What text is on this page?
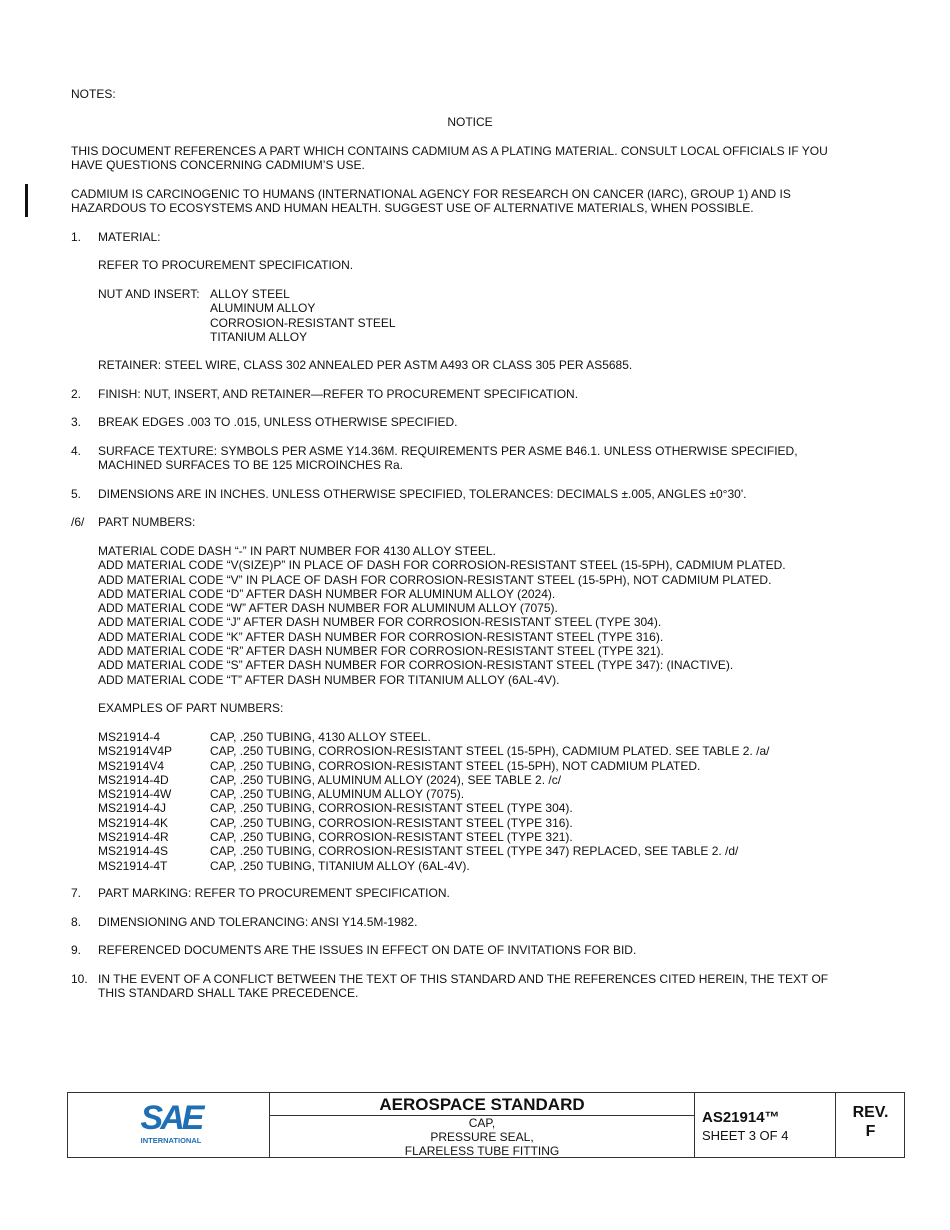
NOTES:
NOTICE
THIS DOCUMENT REFERENCES A PART WHICH CONTAINS CADMIUM AS A PLATING MATERIAL. CONSULT LOCAL OFFICIALS IF YOU
HAVE QUESTIONS CONCERNING CADMIUM’S USE.
CADMIUM IS CARCINOGENIC TO HUMANS (INTERNATIONAL AGENCY FOR RESEARCH ON CANCER (IARC), GROUP 1) AND IS
HAZARDOUS TO ECOSYSTEMS AND HUMAN HEALTH. SUGGEST USE OF ALTERNATIVE MATERIALS, WHEN POSSIBLE.
1. MATERIAL:
REFER TO PROCUREMENT SPECIFICATION.
NUT AND INSERT: ALLOY STEEL
ALUMINUM ALLOY
CORROSION-RESISTANT STEEL
TITANIUM ALLOY
RETAINER: STEEL WIRE, CLASS 302 ANNEALED PER ASTM A493 OR CLASS 305 PER AS5685.
2. FINISH: NUT, INSERT, AND RETAINER—REFER TO PROCUREMENT SPECIFICATION.
3. BREAK EDGES .003 TO .015, UNLESS OTHERWISE SPECIFIED.
4. SURFACE TEXTURE: SYMBOLS PER ASME Y14.36M. REQUIREMENTS PER ASME B46.1. UNLESS OTHERWISE SPECIFIED,
MACHINED SURFACES TO BE 125 MICROINCHES Ra.
5. DIMENSIONS ARE IN INCHES. UNLESS OTHERWISE SPECIFIED, TOLERANCES: DECIMALS ±.005, ANGLES ±0°30'.
/6/ PART NUMBERS:
MATERIAL CODE DASH “-” IN PART NUMBER FOR 4130 ALLOY STEEL.
ADD MATERIAL CODE “V(SIZE)P” IN PLACE OF DASH FOR CORROSION-RESISTANT STEEL (15-5PH), CADMIUM PLATED.
ADD MATERIAL CODE “V” IN PLACE OF DASH FOR CORROSION-RESISTANT STEEL (15-5PH), NOT CADMIUM PLATED.
ADD MATERIAL CODE “D” AFTER DASH NUMBER FOR ALUMINUM ALLOY (2024).
ADD MATERIAL CODE “W” AFTER DASH NUMBER FOR ALUMINUM ALLOY (7075).
ADD MATERIAL CODE “J” AFTER DASH NUMBER FOR CORROSION-RESISTANT STEEL (TYPE 304).
ADD MATERIAL CODE “K” AFTER DASH NUMBER FOR CORROSION-RESISTANT STEEL (TYPE 316).
ADD MATERIAL CODE “R” AFTER DASH NUMBER FOR CORROSION-RESISTANT STEEL (TYPE 321).
ADD MATERIAL CODE “S” AFTER DASH NUMBER FOR CORROSION-RESISTANT STEEL (TYPE 347): (INACTIVE).
ADD MATERIAL CODE “T” AFTER DASH NUMBER FOR TITANIUM ALLOY (6AL-4V).
EXAMPLES OF PART NUMBERS:
MS21914-4	CAP, .250 TUBING, 4130 ALLOY STEEL.
MS21914V4P	CAP, .250 TUBING, CORROSION-RESISTANT STEEL (15-5PH), CADMIUM PLATED. SEE TABLE 2. /a/
MS21914V4	CAP, .250 TUBING, CORROSION-RESISTANT STEEL (15-5PH), NOT CADMIUM PLATED.
MS21914-4D	CAP, .250 TUBING, ALUMINUM ALLOY (2024), SEE TABLE 2. /c/
MS21914-4W	CAP, .250 TUBING, ALUMINUM ALLOY (7075).
MS21914-4J	CAP, .250 TUBING, CORROSION-RESISTANT STEEL (TYPE 304).
MS21914-4K	CAP, .250 TUBING, CORROSION-RESISTANT STEEL (TYPE 316).
MS21914-4R	CAP, .250 TUBING, CORROSION-RESISTANT STEEL (TYPE 321).
MS21914-4S	CAP, .250 TUBING, CORROSION-RESISTANT STEEL (TYPE 347) REPLACED, SEE TABLE 2. /d/
MS21914-4T	CAP, .250 TUBING, TITANIUM ALLOY (6AL-4V).
7. PART MARKING: REFER TO PROCUREMENT SPECIFICATION.
8. DIMENSIONING AND TOLERANCING: ANSI Y14.5M-1982.
9. REFERENCED DOCUMENTS ARE THE ISSUES IN EFFECT ON DATE OF INVITATIONS FOR BID.
10. IN THE EVENT OF A CONFLICT BETWEEN THE TEXT OF THIS STANDARD AND THE REFERENCES CITED HEREIN, THE TEXT OF
THIS STANDARD SHALL TAKE PRECEDENCE.
SAE
INTERNATIONAL
AEROSPACE STANDARD
CAP,
PRESSURE SEAL,
FLARELESS TUBE FITTING
AS21914™
SHEET 3 OF 4
REV.
F
